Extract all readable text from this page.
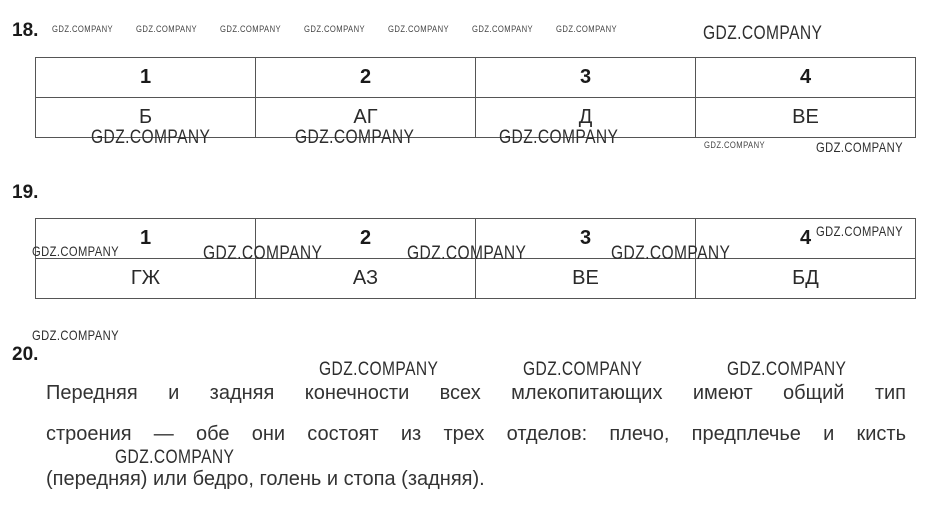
18.
1	2	3	4
Б	АГ	Д	ВЕ
19.
1	2	3	4
ГЖ	АЗ	ВЕ	БД
20.
Передняя и задняя конечности всех млекопитающих имеют общий тип
строения — обе они состоят из трех отделов: плечо, предплечье и кисть
(передняя) или бедро, голень и стопа (задняя).
GDZ.COMPANY	GDZ.COMPANY	GDZ.COMPANY	GDZ.COMPANY	GDZ.COMPANY	GDZ.COMPANY	GDZ.COMPANY	GDZ.COMPANY
GDZ.COMPANY	GDZ.COMPANY	GDZ.COMPANY	GDZ.COMPANY	GDZ.COMPANY
GDZ.COMPANY
GDZ.COMPANY	GDZ.COMPANY	GDZ.COMPANY	GDZ.COMPANY
GDZ.COMPANY
GDZ.COMPANY	GDZ.COMPANY	GDZ.COMPANY
GDZ.COMPANY
